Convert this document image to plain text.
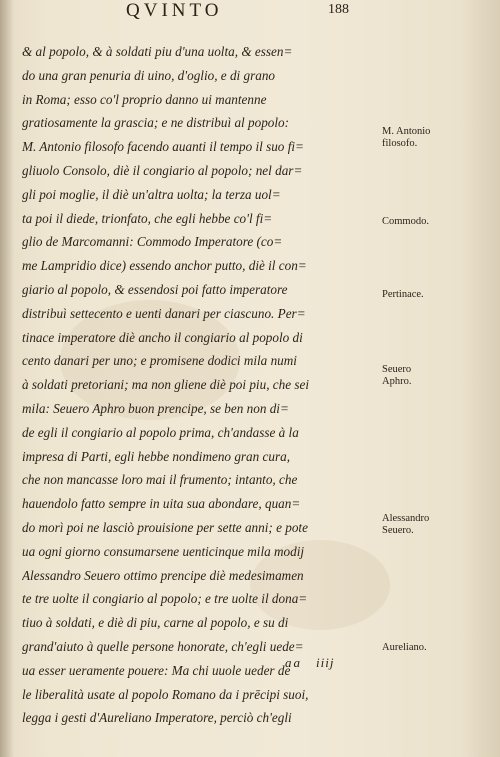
QVINTO	188
& al popolo, & à soldati piu d'una uolta, & essen=
do una gran penuria di uino, d'oglio, e di grano
in Roma; esso co'l proprio danno ui mantenne
gratiosamente la grascia; e ne distribuì al popolo:
M. Antonio filosofo facendo auanti il tempo il suo fi=
gliuolo Consolo, diè il congiario al popolo; nel dar=
gli poi moglie, il diè un'altra uolta; la terza uol=
ta poi il diede, trionfato, che egli hebbe co'l fi=
glio de Marcomanni: Commodo Imperatore (co=
me Lampridio dice) essendo anchor putto, diè il con=
giario al popolo, & essendosi poi fatto imperatore
distribuì settecento e uenti danari per ciascuno. Per=
tinace imperatore diè ancho il congiario al popolo di
cento danari per uno; e promisene dodici mila numi
à soldati pretoriani; ma non gliene diè poi piu, che sei
mila: Seuero Aphro buon prencipe, se ben non di=
de egli il congiario al popolo prima, ch'andasse à la
impresa di Parti, egli hebbe nondimeno gran cura,
che non mancasse loro mai il frumento; intanto, che
hauendolo fatto sempre in uita sua abondare, quan=
do morì poi ne lasciò prouisione per sette anni; e pote
ua ogni giorno consumarsene uenticinque mila modij
Alessandro Seuero ottimo prencipe diè medesimamen
te tre uolte il congiario al popolo; e tre uolte il dona=
tiuo à soldati, e diè di piu, carne al popolo, e su di
grand'aiuto à quelle persone honorate, ch'egli uede=
ua esser ueramente pouere: Ma chi uuole ueder de
le liberalità usate al popolo Romano da i prēcipi suoi,
legga i gesti d'Aureliano Imperatore, perciò ch'egli
M. Antonio
filosofo.
Commodo.
Pertinace.
Seuero
Aphro.
Alessandro
Seuero.
Aureliano.
aa iiij
